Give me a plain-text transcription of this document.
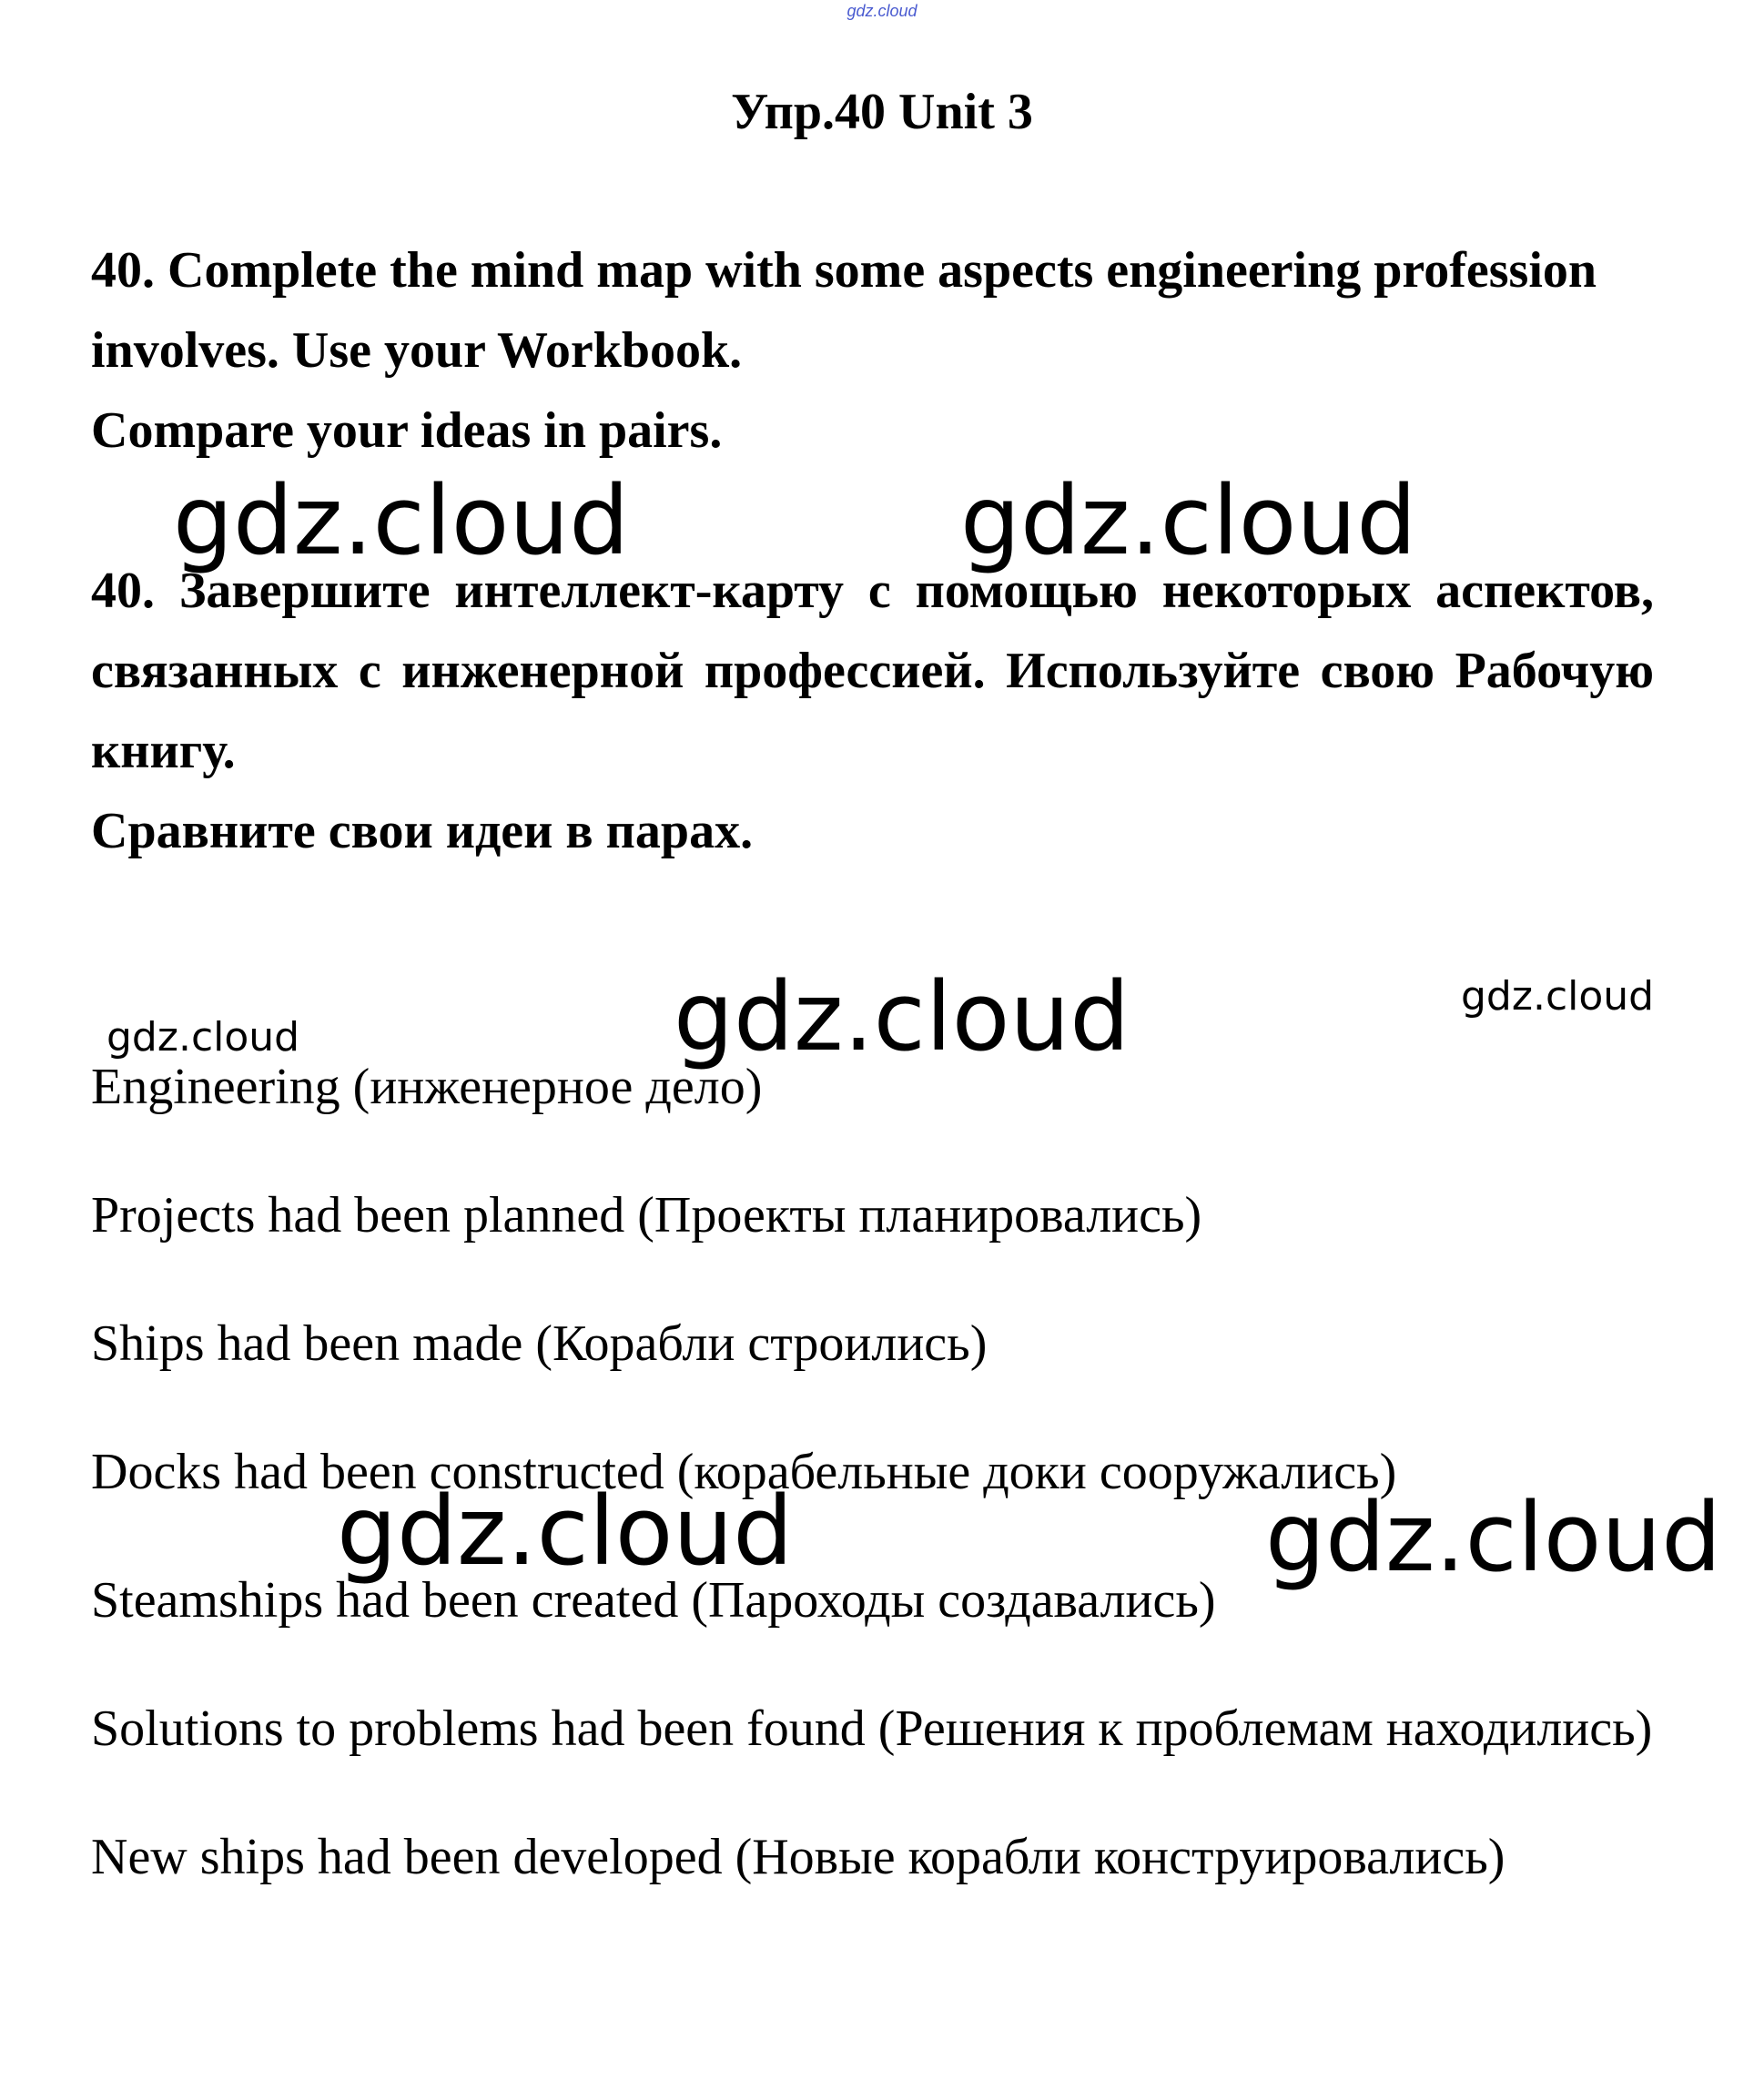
gdz.cloud
Упр.40 Unit 3

40. Complete the mind map with some aspects engineering profession involves. Use your Workbook.

Compare your ideas in pairs.

40. Завершите интеллект-карту с помощью некоторых аспектов, связанных с инженерной профессией. Используйте свою Рабочую книгу.

Сравните свои идеи в парах.

Engineering (инженерное дело)
Projects had been planned (Проекты планировались)
Ships had been made (Корабли строились)
Docks had been constructed (корабельные доки сооружались)
Steamships had been created (Пароходы создавались)
Solutions to problems had been found (Решения к проблемам находились)
New ships had been developed (Новые корабли конструировались)
gdz.cloud	gdz.cloud
gdz.cloud	gdz.cloud
gdz.cloud
gdz.cloud	gdz.cloud
